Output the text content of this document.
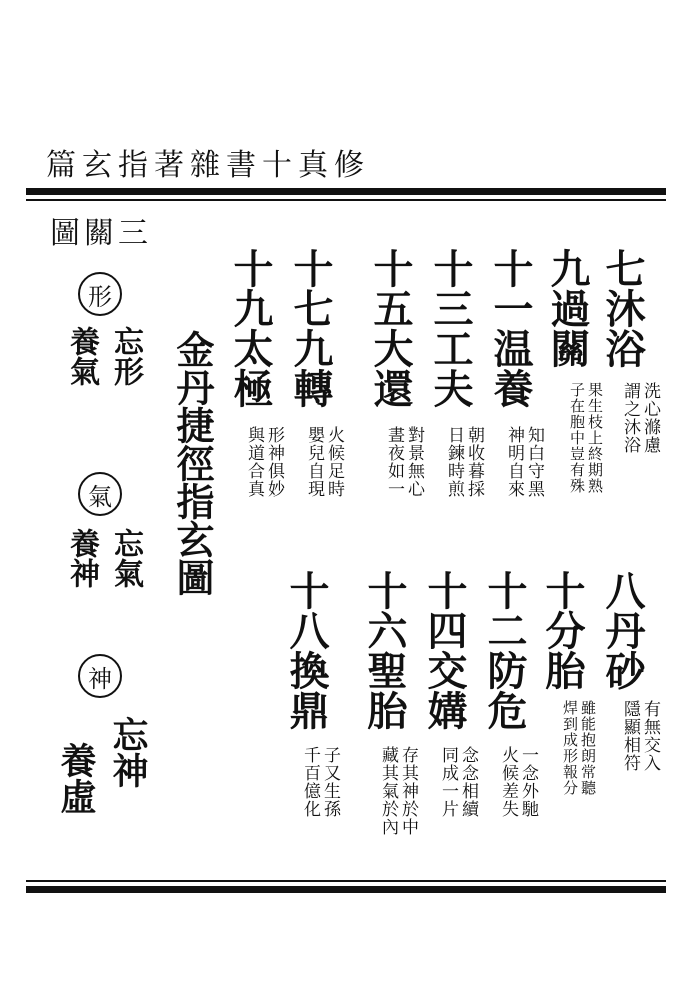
修真十書雜著指玄篇
三關圖
七沐浴
洗心滌慮
謂之沐浴
九過關
果生枝上終期熟
子在胞中豈有殊
十一温養
知白守黑
神明自來
十三工夫
朝收暮採
日鍊時煎
十五大還
對景無心
晝夜如一
十七九轉
火候足時
嬰兒自現
十九太極
形神俱妙
與道合真
金丹捷徑指玄圖
八丹砂
有無交入
隱顯相符
十分胎
雖能抱朗常聽
焊到成形報分
十二防危
一念外馳
火候差失
十四交媾
念念相續
同成一片
十六聖胎
存其神於中
藏其氣於內
十八換鼎
子又生孫
千百億化
形
忘形
養氣
氣
忘氣
養神
神
忘神
養虛
